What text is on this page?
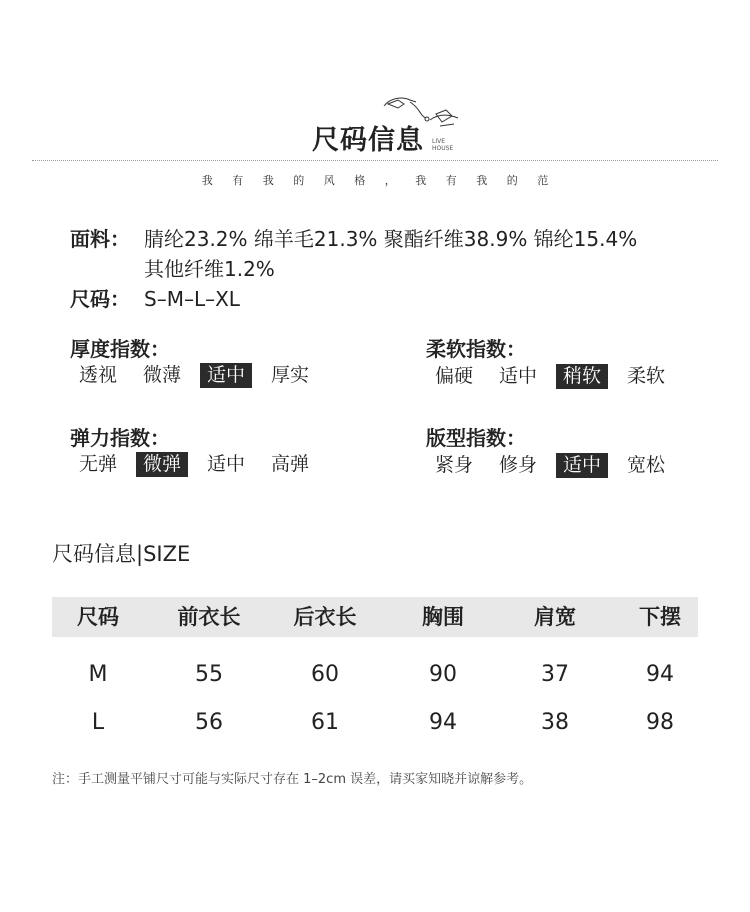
尺码信息 LIVE
HOUSE
我 有 我 的 风 格 ， 我 有 我 的 范
面料： 腈纶23.2% 绵羊毛21.3% 聚酯纤维38.9% 锦纶15.4%
其他纤维1.2%
尺码： S–M–L–XL
厚度指数：
透视	微薄	适中	厚实
柔软指数：
偏硬	适中	稍软	柔软
弹力指数：
无弹	微弹	适中	高弹
版型指数：
紧身	修身	适中	宽松
尺码信息|SIZE
尺码	前衣长	后衣长	胸围	肩宽	下摆
M	55	60	90	37	94
L	56	61	94	38	98
注：手工测量平铺尺寸可能与实际尺寸存在 1–2cm 误差，请买家知晓并谅解参考。
